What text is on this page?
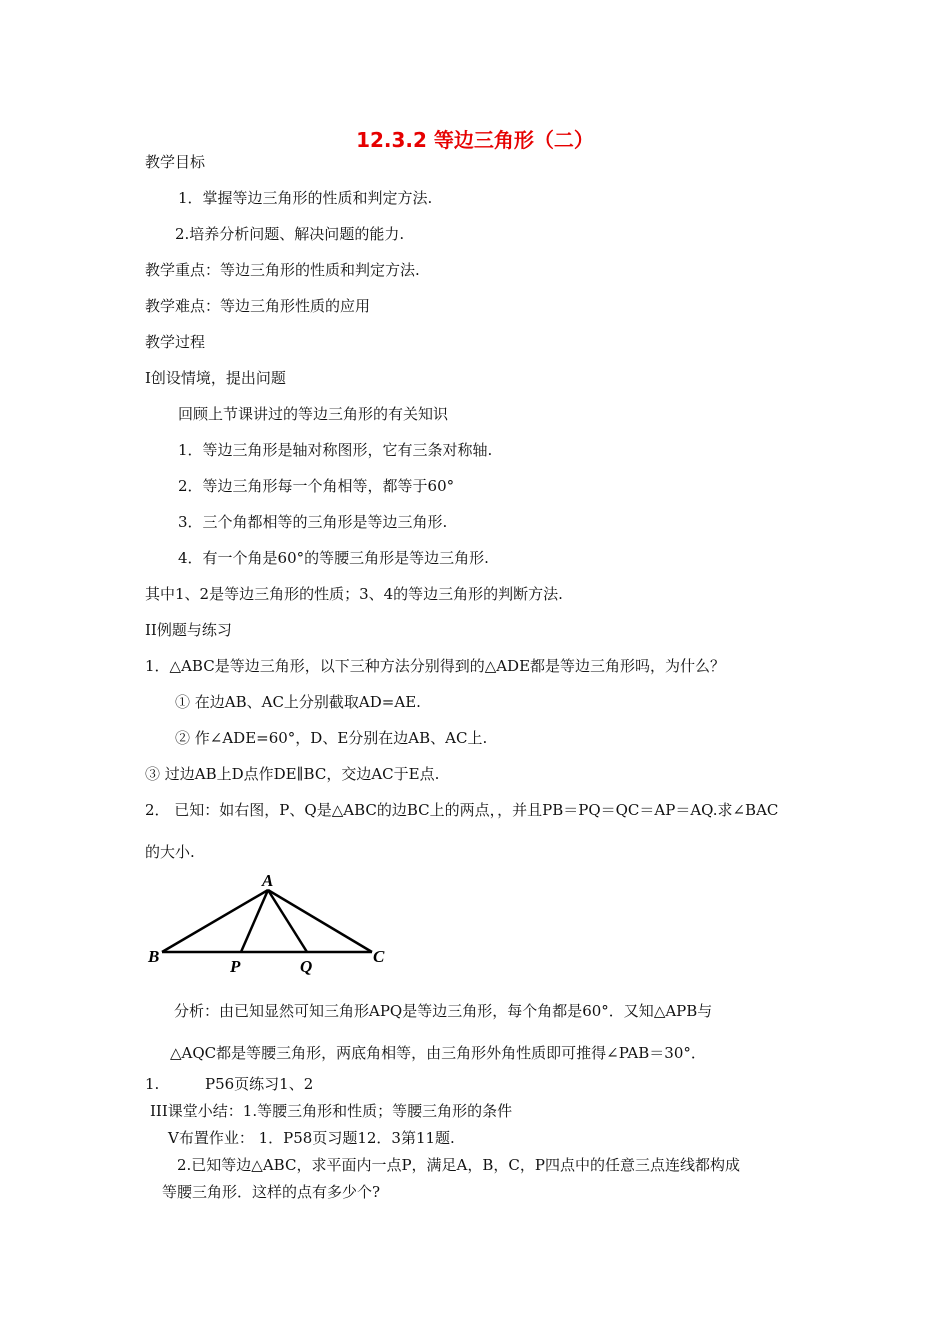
12.3.2 等边三角形（二）
教学目标
1．掌握等边三角形的性质和判定方法.
2.培养分析问题、解决问题的能力.
教学重点：等边三角形的性质和判定方法.
教学难点：等边三角形性质的应用
教学过程
I创设情境，提出问题
回顾上节课讲过的等边三角形的有关知识
1．等边三角形是轴对称图形，它有三条对称轴.
2．等边三角形每一个角相等，都等于60°
3．三个角都相等的三角形是等边三角形.
4．有一个角是60°的等腰三角形是等边三角形.
其中1、2是等边三角形的性质；3、4的等边三角形的判断方法.
II例题与练习
1．△ABC是等边三角形，以下三种方法分别得到的△ADE都是等边三角形吗，为什么？
① 在边AB、AC上分别截取AD=AE.
② 作∠ADE=60°，D、E分别在边AB、AC上.
③ 过边AB上D点作DE∥BC，交边AC于E点.
2． 已知：如右图，P、Q是△ABC的边BC上的两点，，并且PB＝PQ＝QC＝AP＝AQ.求∠BAC
的大小.
A
B
P	Q
C
分析：由已知显然可知三角形APQ是等边三角形，每个角都是60°．又知△APB与
△AQC都是等腰三角形，两底角相等，由三角形外角性质即可推得∠PAB＝30°．
1.	P56页练习1、2
III课堂小结：1.等腰三角形和性质；等腰三角形的条件
V布置作业： 1．P58页习题12．3第11题.
2.已知等边△ABC，求平面内一点P，满足A，B，C，P四点中的任意三点连线都构成
等腰三角形．这样的点有多少个?
